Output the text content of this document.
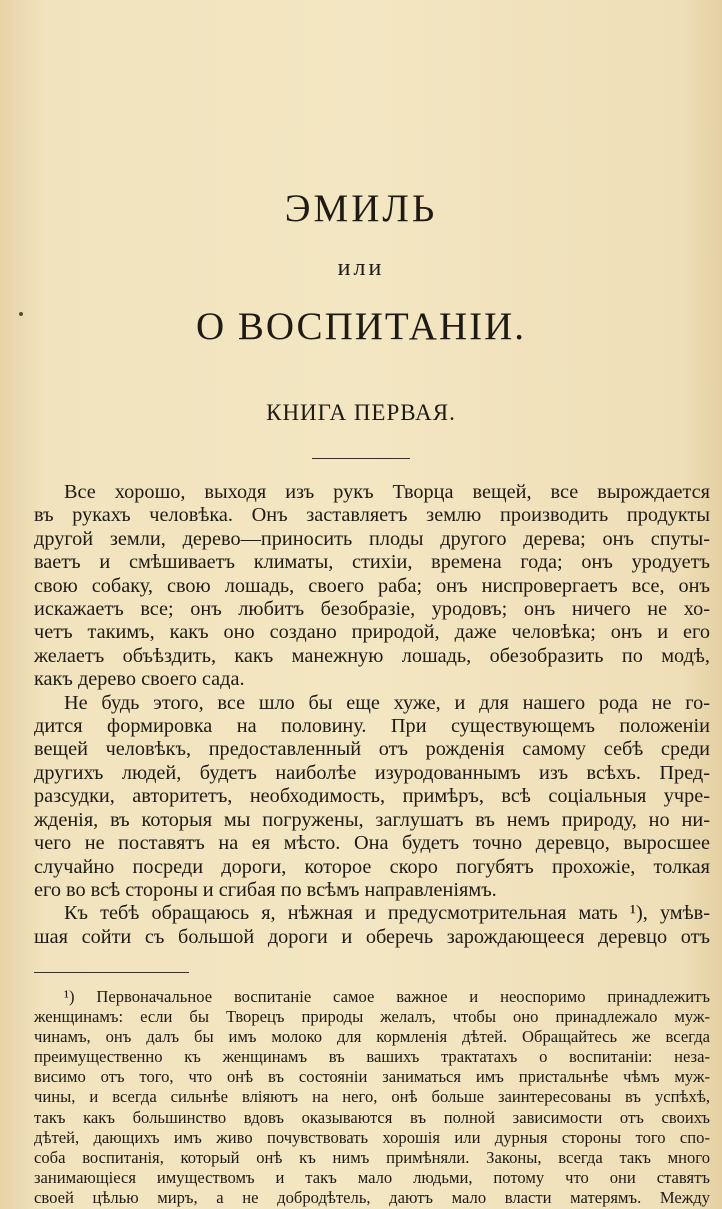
ЭМИЛЬ
или
О ВОСПИТАНІИ.
КНИГА ПЕРВАЯ.
Все хорошо, выходя изъ рукъ Творца вещей, все вырождается
въ рукахъ человѣка. Онъ заставляетъ землю производить продукты
другой земли, дерево—приносить плоды другого дерева; онъ спуты-
ваетъ и смѣшиваетъ климаты, стихіи, времена года; онъ уродуетъ
свою собаку, свою лошадь, своего раба; онъ ниспровергаетъ все, онъ
искажаетъ все; онъ любитъ безобразіе, уродовъ; онъ ничего не хо-
четъ такимъ, какъ оно создано природой, даже человѣка; онъ и его
желаетъ объѣздить, какъ манежную лошадь, обезобразить по модѣ,
какъ дерево своего сада.
Не будь этого, все шло бы еще хуже, и для нашего рода не го-
дится формировка на половину. При существующемъ положеніи
вещей человѣкъ, предоставленный отъ рожденія самому себѣ среди
другихъ людей, будетъ наиболѣе изуродованнымъ изъ всѣхъ. Пред-
разсудки, авторитетъ, необходимость, примѣръ, всѣ соціальныя учре-
жденія, въ которыя мы погружены, заглушатъ въ немъ природу, но ни-
чего не поставятъ на ея мѣсто. Она будетъ точно деревцо, выросшее
случайно посреди дороги, которое скоро погубятъ прохожіе, толкая
его во всѣ стороны и сгибая по всѣмъ направленіямъ.
Къ тебѣ обращаюсь я, нѣжная и предусмотрительная мать ¹), умѣв-
шая сойти съ большой дороги и оберечь зарождающееся деревцо отъ
¹) Первоначальное воспитаніе самое важное и неоспоримо принадлежитъ
женщинамъ: если бы Творецъ природы желалъ, чтобы оно принадлежало муж-
чинамъ, онъ далъ бы имъ молоко для кормленія дѣтей. Обращайтесь же всегда
преимущественно къ женщинамъ въ вашихъ трактатахъ о воспитаніи: неза-
висимо отъ того, что онѣ въ состояніи заниматься имъ пристальнѣе чѣмъ муж-
чины, и всегда сильнѣе вліяютъ на него, онѣ больше заинтересованы въ успѣхѣ,
такъ какъ большинство вдовъ оказываются въ полной зависимости отъ своихъ
дѣтей, дающихъ имъ живо почувствовать хорошія или дурныя стороны того спо-
соба воспитанія, который онѣ къ нимъ примѣняли. Законы, всегда такъ много
занимающіеся имуществомъ и такъ мало людьми, потому что они ставятъ
своей цѣлью миръ, а не добродѣтель, даютъ мало власти матерямъ. Между
